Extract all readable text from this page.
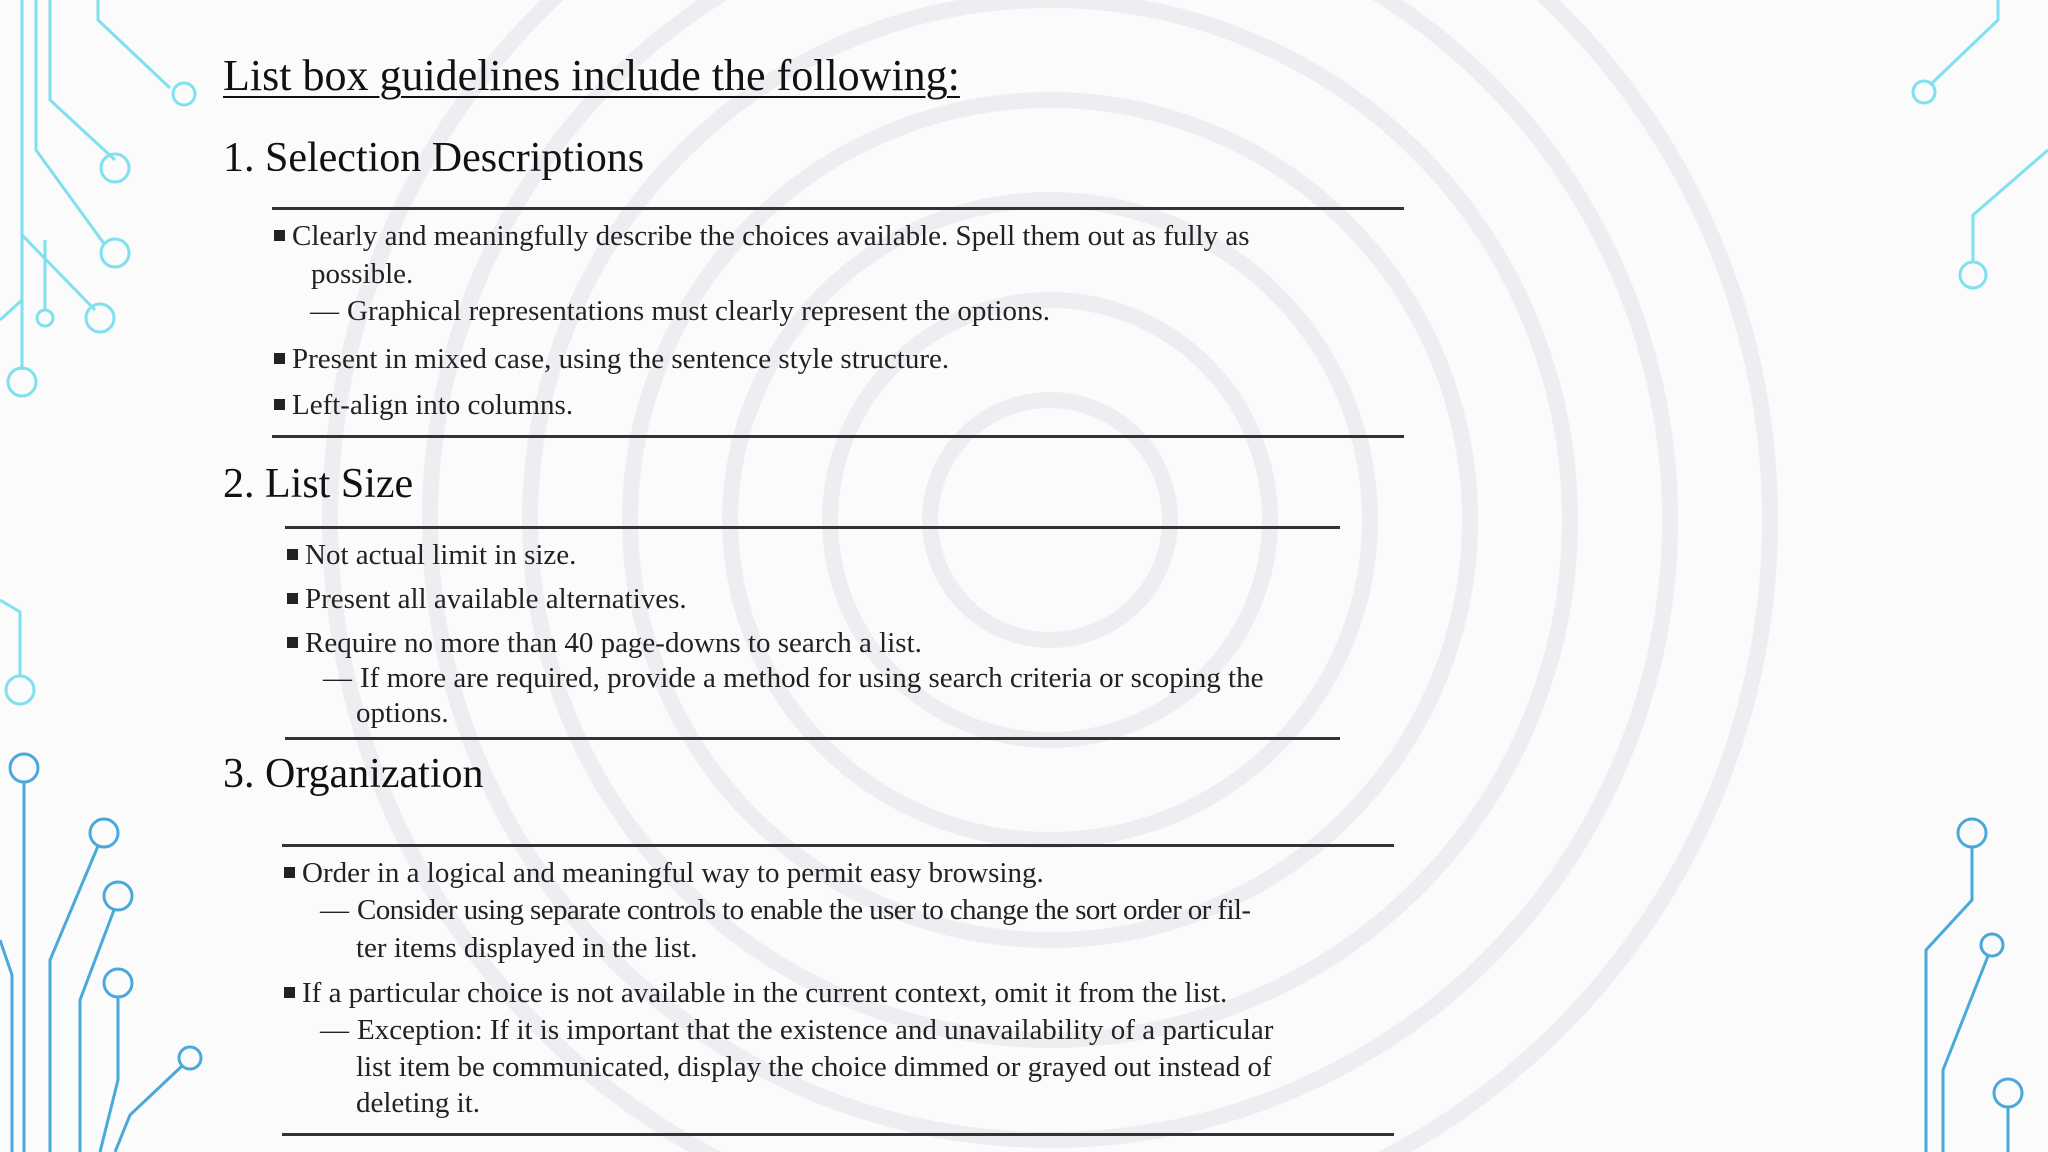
List box guidelines include the following:
1. Selection Descriptions
Clearly and meaningfully describe the choices available. Spell them out as fully as
possible.
— Graphical representations must clearly represent the options.
Present in mixed case, using the sentence style structure.
Left-align into columns.
2. List Size
Not actual limit in size.
Present all available alternatives.
Require no more than 40 page-downs to search a list.
— If more are required, provide a method for using search criteria or scoping the
options.
3. Organization
Order in a logical and meaningful way to permit easy browsing.
— Consider using separate controls to enable the user to change the sort order or fil-
ter items displayed in the list.
If a particular choice is not available in the current context, omit it from the list.
— Exception: If it is important that the existence and unavailability of a particular
list item be communicated, display the choice dimmed or grayed out instead of
deleting it.
